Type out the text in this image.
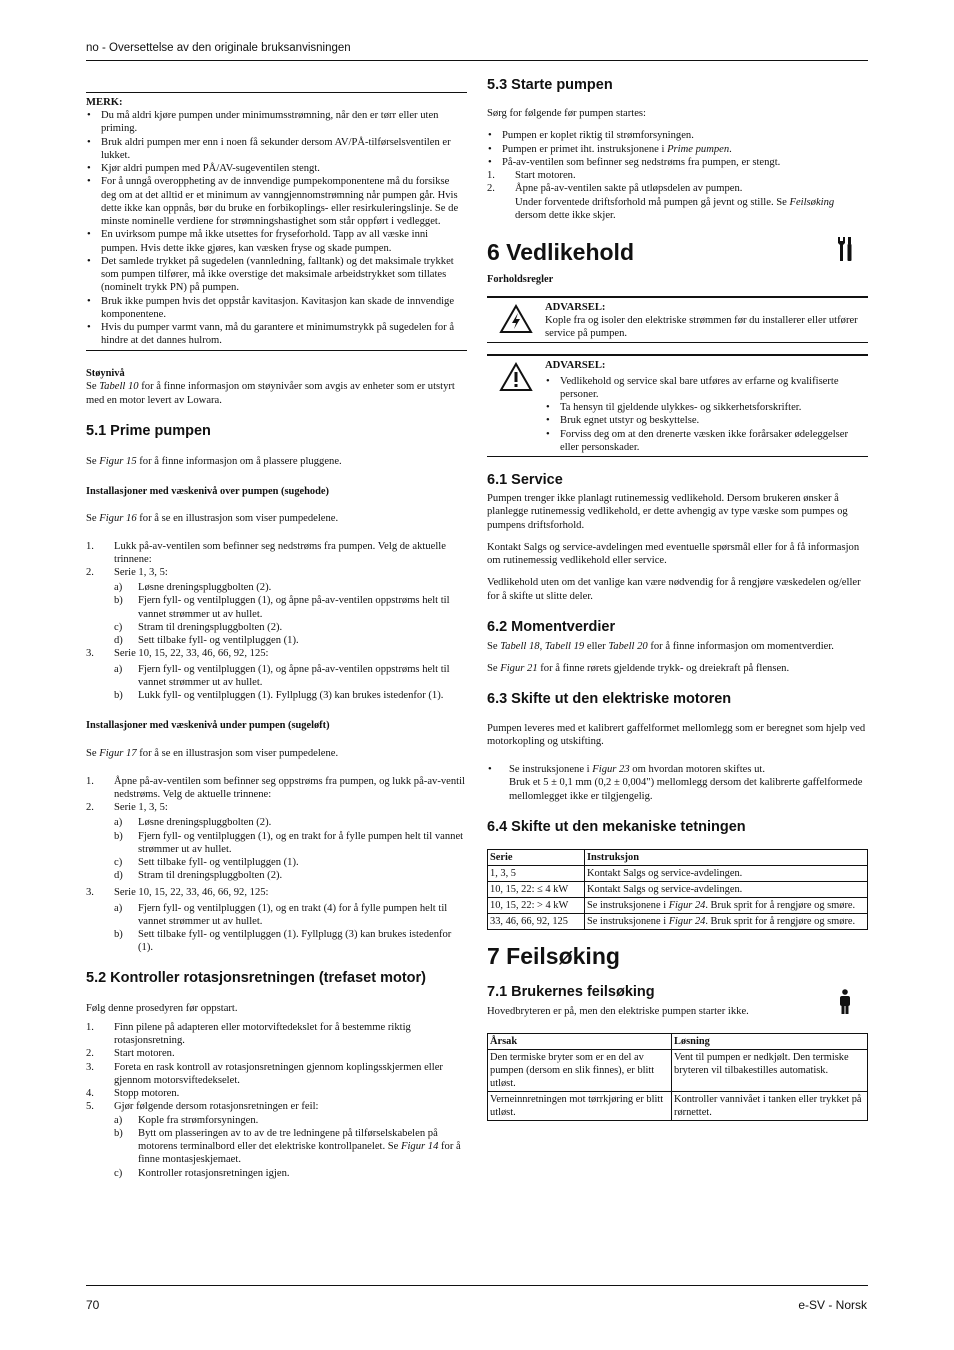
no - Oversettelse av den originale bruksanvisningen

MERK:

• Du må aldri kjøre pumpen under minimumsstrømning, når den er tørr eller uten priming.
• Bruk aldri pumpen mer enn i noen få sekunder dersom AV/PÅ-tilførselsventilen er lukket.
• Kjør aldri pumpen med PÅ/AV-sugeventilen stengt.
• For å unngå overoppheting av de innvendige pumpekomponentene må du forsikse deg om at det alltid er et minimum av vanngjennomstrømning når pumpen går. Hvis dette ikke kan oppnås, bør du bruke en forbikoplings- eller resirkuleringslinje. Se de minste nominelle verdiene for strømningshastighet som står oppført i vedlegget.
• En uvirksom pumpe må ikke utsettes for fryseforhold. Tapp av all væske inni pumpen. Hvis dette ikke gjøres, kan væsken fryse og skade pumpen.
• Det samlede trykket på sugedelen (vannledning, falltank) og det maksimale trykket som pumpen tilfører, må ikke overstige det maksimale arbeidstrykket som tillates (nominelt trykk PN) på pumpen.
• Bruk ikke pumpen hvis det oppstår kavitasjon. Kavitasjon kan skade de innvendige komponentene.
• Hvis du pumper varmt vann, må du garantere et minimumstrykk på sugedelen for å hindre at det dannes hulrom.

Støynivå

Se Tabell 10 for å finne informasjon om støynivåer som avgis av enheter som er utstyrt med en motor levert av Lowara.

5.1 Prime pumpen

Se Figur 15 for å finne informasjon om å plassere pluggene.

Installasjoner med væskenivå over pumpen (sugehode)

Se Figur 16 for å se en illustrasjon som viser pumpedelene.

1.	Lukk på-av-ventilen som befinner seg nedstrøms fra pumpen. Velg de aktuelle trinnene:
2.	Serie 1, 3, 5:
a)	Løsne dreningspluggbolten (2).
b)	Fjern fyll- og ventilpluggen (1), og åpne på-av-ventilen oppstrøms helt til vannet strømmer ut av hullet.
c)	Stram til dreningspluggbolten (2).
d)	Sett tilbake fyll- og ventilpluggen (1).
3.	Serie 10, 15, 22, 33, 46, 66, 92, 125:
a)	Fjern fyll- og ventilpluggen (1), og åpne på-av-ventilen oppstrøms helt til vannet strømmer ut av hullet.
b)	Lukk fyll- og ventilpluggen (1). Fyllplugg (3) kan brukes istedenfor (1).

Installasjoner med væskenivå under pumpen (sugeløft)

Se Figur 17 for å se en illustrasjon som viser pumpedelene.

1.	Åpne på-av-ventilen som befinner seg oppstrøms fra pumpen, og lukk på-av-ventil nedstrøms. Velg de aktuelle trinnene:
2.	Serie 1, 3, 5:
a)	Løsne dreningspluggbolten (2).
b)	Fjern fyll- og ventilpluggen (1), og en trakt for å fylle pumpen helt til vannet strømmer ut av hullet.
c)	Sett tilbake fyll- og ventilpluggen (1).
d)	Stram til dreningspluggbolten (2).
3.	Serie 10, 15, 22, 33, 46, 66, 92, 125:
a)	Fjern fyll- og ventilpluggen (1), og en trakt (4) for å fylle pumpen helt til vannet strømmer ut av hullet.
b)	Sett tilbake fyll- og ventilpluggen (1). Fyllplugg (3) kan brukes istedenfor (1).

5.2 Kontroller rotasjonsretningen (trefaset motor)

Følg denne prosedyren før oppstart.

1.	Finn pilene på adapteren eller motorviftedekslet for å bestemme riktig rotasjonsretning.
2.	Start motoren.
3.	Foreta en rask kontroll av rotasjonsretningen gjennom koplingsskjermen eller gjennom motorsviftedekselet.
4.	Stopp motoren.
5.	Gjør følgende dersom rotasjonsretningen er feil:
a)	Kople fra strømforsyningen.
b)	Bytt om plasseringen av to av de tre ledningene på tilførselskabelen på motorens terminalbord eller det elektriske kontrollpanelet. Se Figur 14 for å finne montasjeskjemaet.
c)	Kontroller rotasjonsretningen igjen.

5.3 Starte pumpen

Sørg for følgende før pumpen startes:

• Pumpen er koplet riktig til strømforsyningen.
• Pumpen er primet iht. instruksjonene i Prime pumpen.
• På-av-ventilen som befinner seg nedstrøms fra pumpen, er stengt.
1.	Start motoren.
2.	Åpne på-av-ventilen sakte på utløpsdelen av pumpen.
Under forventede driftsforhold må pumpen gå jevnt og stille. Se Feilsøking dersom dette ikke skjer.
6 Vedlikehold

Forholdsregler

ADVARSEL:

Kople fra og isoler den elektriske strømmen før du installerer eller utfører service på pumpen.

ADVARSEL:

• Vedlikehold og service skal bare utføres av erfarne og kvalifiserte personer.
• Ta hensyn til gjeldende ulykkes- og sikkerhetsforskrifter.
• Bruk egnet utstyr og beskyttelse.
• Forviss deg om at den drenerte væsken ikke forårsaker ødeleggelser eller personskader.

6.1 Service

Pumpen trenger ikke planlagt rutinemessig vedlikehold. Dersom brukeren ønsker å planlegge rutinemessig vedlikehold, er dette avhengig av type væske som pumpes og pumpens driftsforhold.

Kontakt Salgs og service-avdelingen med eventuelle spørsmål eller for å få informasjon om rutinemessig vedlikehold eller service.

Vedlikehold uten om det vanlige kan være nødvendig for å rengjøre væskedelen og/eller for å skifte ut slitte deler.

6.2 Momentverdier

Se Tabell 18, Tabell 19 eller Tabell 20 for å finne informasjon om momentverdier.

Se Figur 21 for å finne rørets gjeldende trykk- og dreiekraft på flensen.

6.3 Skifte ut den elektriske motoren

Pumpen leveres med et kalibrert gaffelformet mellomlegg som er beregnet som hjelp ved motorkopling og utskifting.

• Se instruksjonene i Figur 23 om hvordan motoren skiftes ut.
Bruk et 5 ± 0,1 mm (0,2 ± 0,004") mellomlegg dersom det kalibrerte gaffelformede mellomlegget ikke er tilgjengelig.

6.4 Skifte ut den mekaniske tetningen

Serie	Instruksjon
1, 3, 5	Kontakt Salgs og service-avdelingen.
10, 15, 22: ≤ 4 kW	Kontakt Salgs og service-avdelingen.
10, 15, 22: > 4 kW	Se instruksjonene i Figur 24. Bruk sprit for å rengjøre og smøre.
33, 46, 66, 92, 125	Se instruksjonene i Figur 24. Bruk sprit for å rengjøre og smøre.
7 Feilsøking

7.1 Brukernes feilsøking

Hovedbryteren er på, men den elektriske pumpen starter ikke.

Årsak	Løsning
Den termiske bryter som er en del av pumpen (dersom en slik finnes), er blitt utløst.	Vent til pumpen er nedkjølt. Den termiske bryteren vil tilbakestilles automatisk.
Verneinnretningen mot tørrkjøring er blitt utløst.	Kontroller vannivået i tanken eller trykket på rørnettet.
70	e-SV - Norsk
